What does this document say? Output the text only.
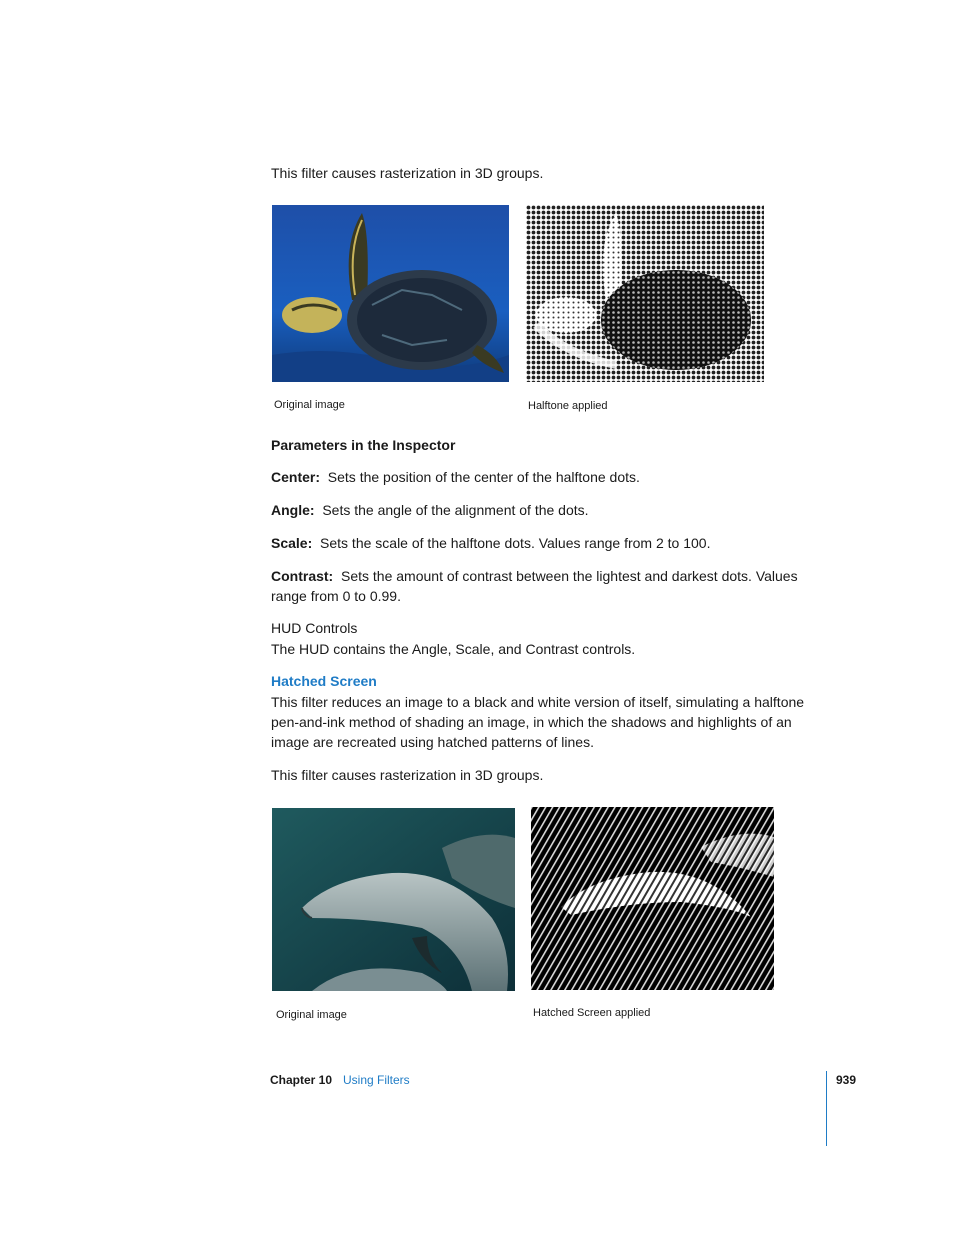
This filter causes rasterization in 3D groups.

Original image	Halftone applied
Parameters in the Inspector

Center: Sets the position of the center of the halftone dots.

Angle: Sets the angle of the alignment of the dots.

Scale: Sets the scale of the halftone dots. Values range from 2 to 100.

Contrast: Sets the amount of contrast between the lightest and darkest dots. Values range from 0 to 0.99.

HUD Controls

The HUD contains the Angle, Scale, and Contrast controls.

Hatched Screen

This filter reduces an image to a black and white version of itself, simulating a halftone pen-and-ink method of shading an image, in which the shadows and highlights of an image are recreated using hatched patterns of lines.

This filter causes rasterization in 3D groups.

Original image	Hatched Screen applied
Chapter 10 Using Filters	939
